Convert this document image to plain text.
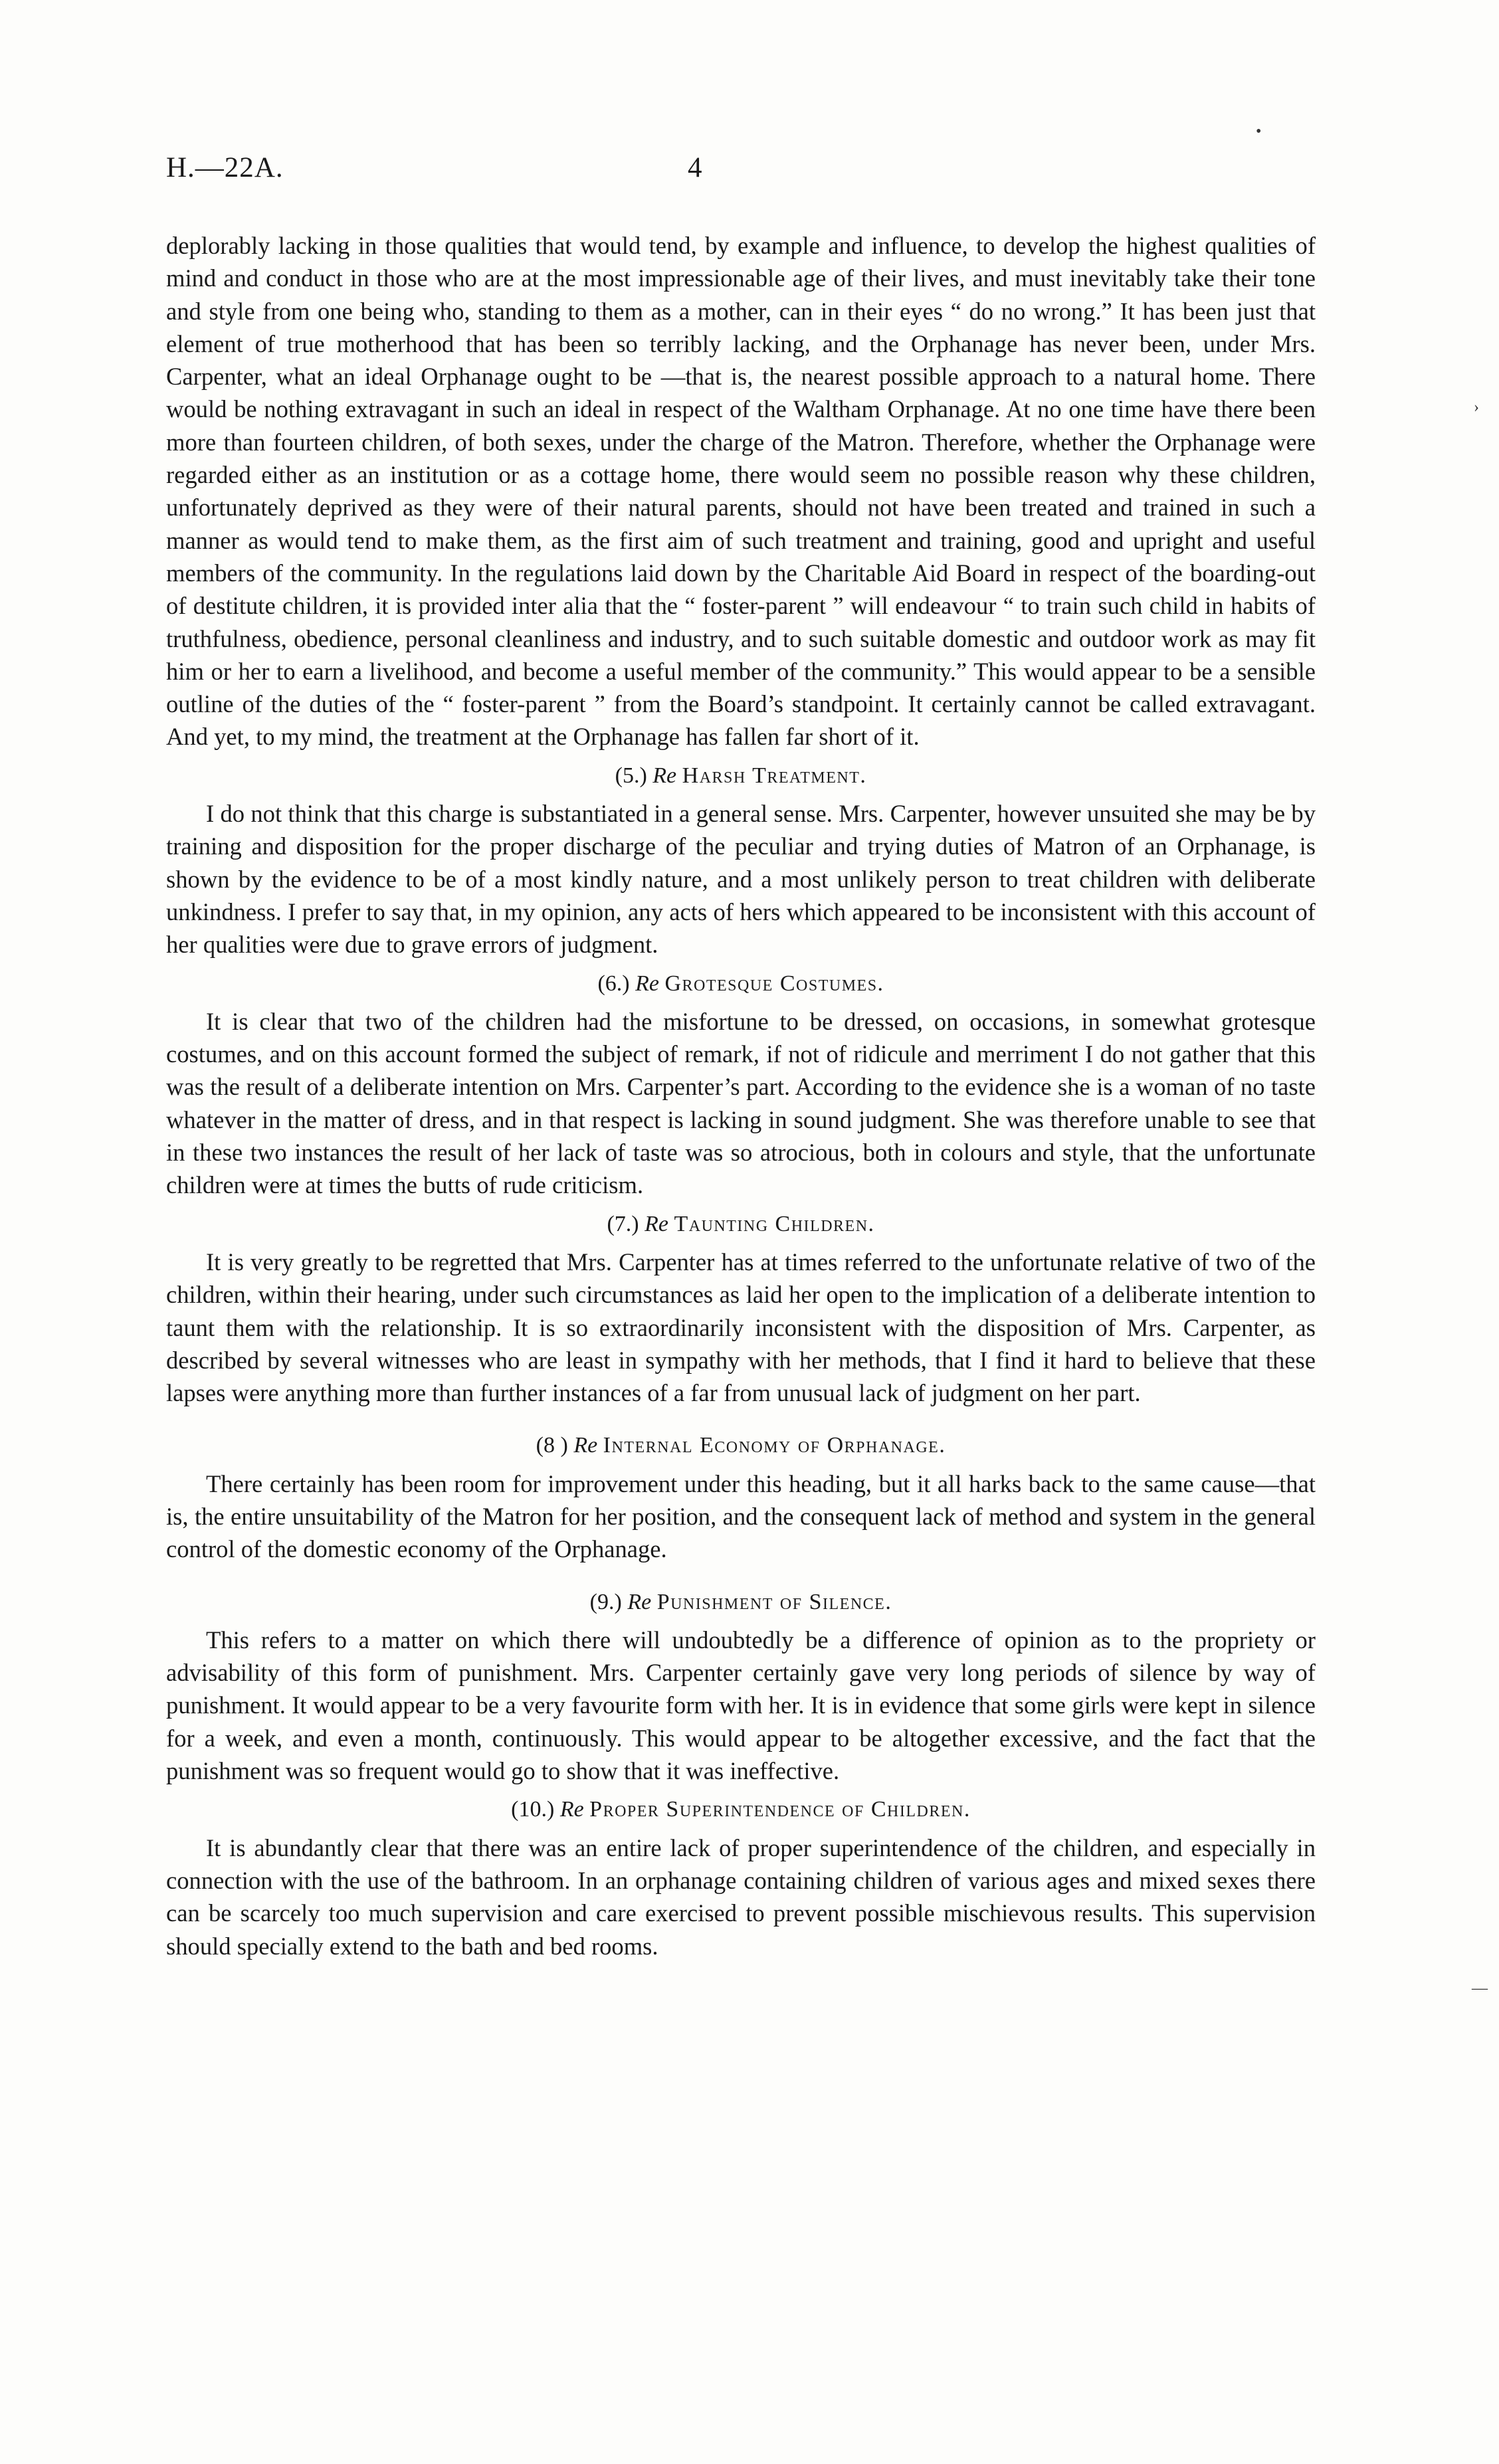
H.—22A.	4

deplorably lacking in those qualities that would tend, by example and influence, to develop the highest qualities of mind and conduct in those who are at the most impressionable age of their lives, and must inevitably take their tone and style from one being who, standing to them as a mother, can in their eyes “ do no wrong.” It has been just that element of true motherhood that has been so terribly lacking, and the Orphanage has never been, under Mrs. Carpenter, what an ideal Orphanage ought to be —that is, the nearest possible approach to a natural home. There would be nothing extravagant in such an ideal in respect of the Waltham Orphanage. At no one time have there been more than fourteen children, of both sexes, under the charge of the Matron. Therefore, whether the Orphanage were regarded either as an institution or as a cottage home, there would seem no possible reason why these children, unfortunately deprived as they were of their natural parents, should not have been treated and trained in such a manner as would tend to make them, as the first aim of such treatment and training, good and upright and useful members of the community. In the regulations laid down by the Charitable Aid Board in respect of the boarding-out of destitute children, it is provided inter alia that the “ foster-parent ” will endeavour “ to train such child in habits of truthfulness, obedience, personal cleanliness and industry, and to such suitable domestic and outdoor work as may fit him or her to earn a livelihood, and become a useful member of the community.” This would appear to be a sensible outline of the duties of the “ foster-parent ” from the Board’s standpoint. It certainly cannot be called extravagant. And yet, to my mind, the treatment at the Orphanage has fallen far short of it.

(5.) Re Harsh Treatment.

I do not think that this charge is substantiated in a general sense. Mrs. Carpenter, however unsuited she may be by training and disposition for the proper discharge of the peculiar and trying duties of Matron of an Orphanage, is shown by the evidence to be of a most kindly nature, and a most unlikely person to treat children with deliberate unkindness. I prefer to say that, in my opinion, any acts of hers which appeared to be inconsistent with this account of her qualities were due to grave errors of judgment.

(6.) Re Grotesque Costumes.

It is clear that two of the children had the misfortune to be dressed, on occasions, in somewhat grotesque costumes, and on this account formed the subject of remark, if not of ridicule and merriment I do not gather that this was the result of a deliberate intention on Mrs. Carpenter’s part. According to the evidence she is a woman of no taste whatever in the matter of dress, and in that respect is lacking in sound judgment. She was therefore unable to see that in these two instances the result of her lack of taste was so atrocious, both in colours and style, that the unfortunate children were at times the butts of rude criticism.

(7.) Re Taunting Children.

It is very greatly to be regretted that Mrs. Carpenter has at times referred to the unfortunate relative of two of the children, within their hearing, under such circumstances as laid her open to the implication of a deliberate intention to taunt them with the relationship. It is so extraordinarily inconsistent with the disposition of Mrs. Carpenter, as described by several witnesses who are least in sympathy with her methods, that I find it hard to believe that these lapses were anything more than further instances of a far from unusual lack of judgment on her part.

(8 ) Re Internal Economy of Orphanage.

There certainly has been room for improvement under this heading, but it all harks back to the same cause—that is, the entire unsuitability of the Matron for her position, and the consequent lack of method and system in the general control of the domestic economy of the Orphanage.

(9.) Re Punishment of Silence.

This refers to a matter on which there will undoubtedly be a difference of opinion as to the propriety or advisability of this form of punishment. Mrs. Carpenter certainly gave very long periods of silence by way of punishment. It would appear to be a very favourite form with her. It is in evidence that some girls were kept in silence for a week, and even a month, continuously. This would appear to be altogether excessive, and the fact that the punishment was so frequent would go to show that it was ineffective.

(10.) Re Proper Superintendence of Children.

It is abundantly clear that there was an entire lack of proper superintendence of the children, and especially in connection with the use of the bathroom. In an orphanage containing children of various ages and mixed sexes there can be scarcely too much supervision and care exercised to prevent possible mischievous results. This supervision should specially extend to the bath and bed rooms.

•
›
—
